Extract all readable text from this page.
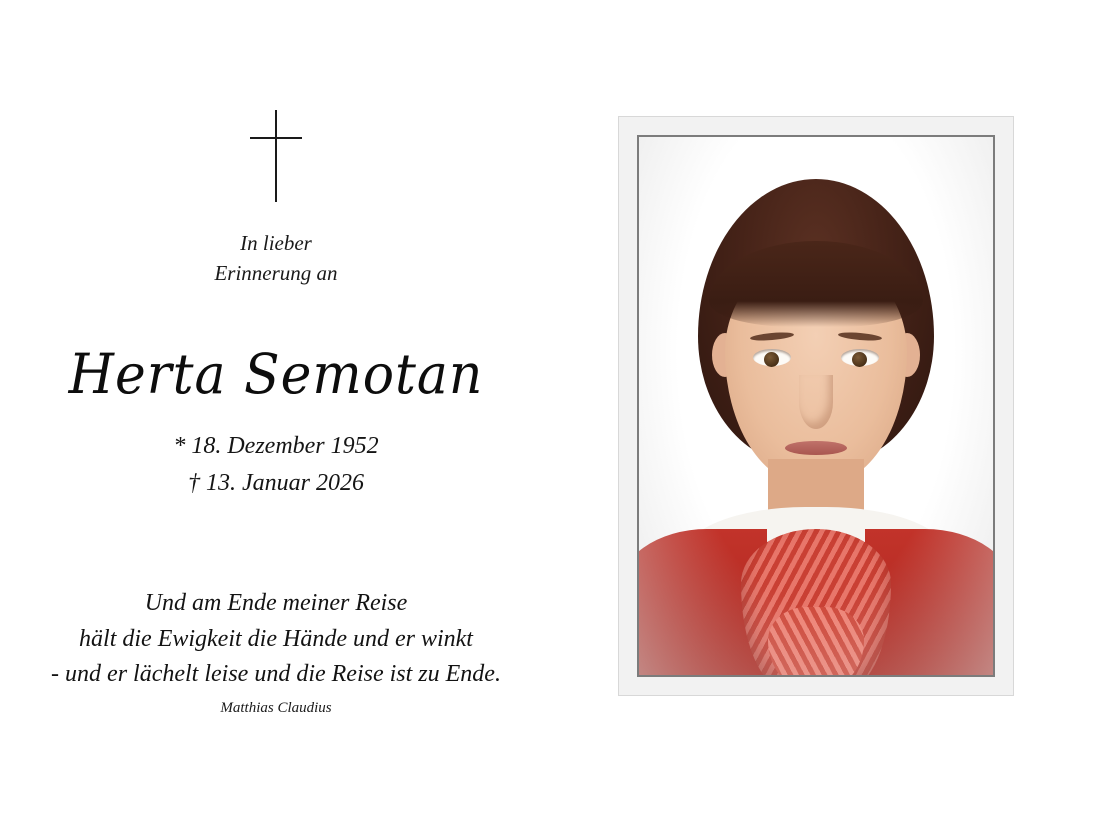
In lieber
Erinnerung an
Herta Semotan
* 18. Dezember 1952
† 13. Januar 2026
Und am Ende meiner Reise
hält die Ewigkeit die Hände und er winkt
- und er lächelt leise und die Reise ist zu Ende.
Matthias Claudius
